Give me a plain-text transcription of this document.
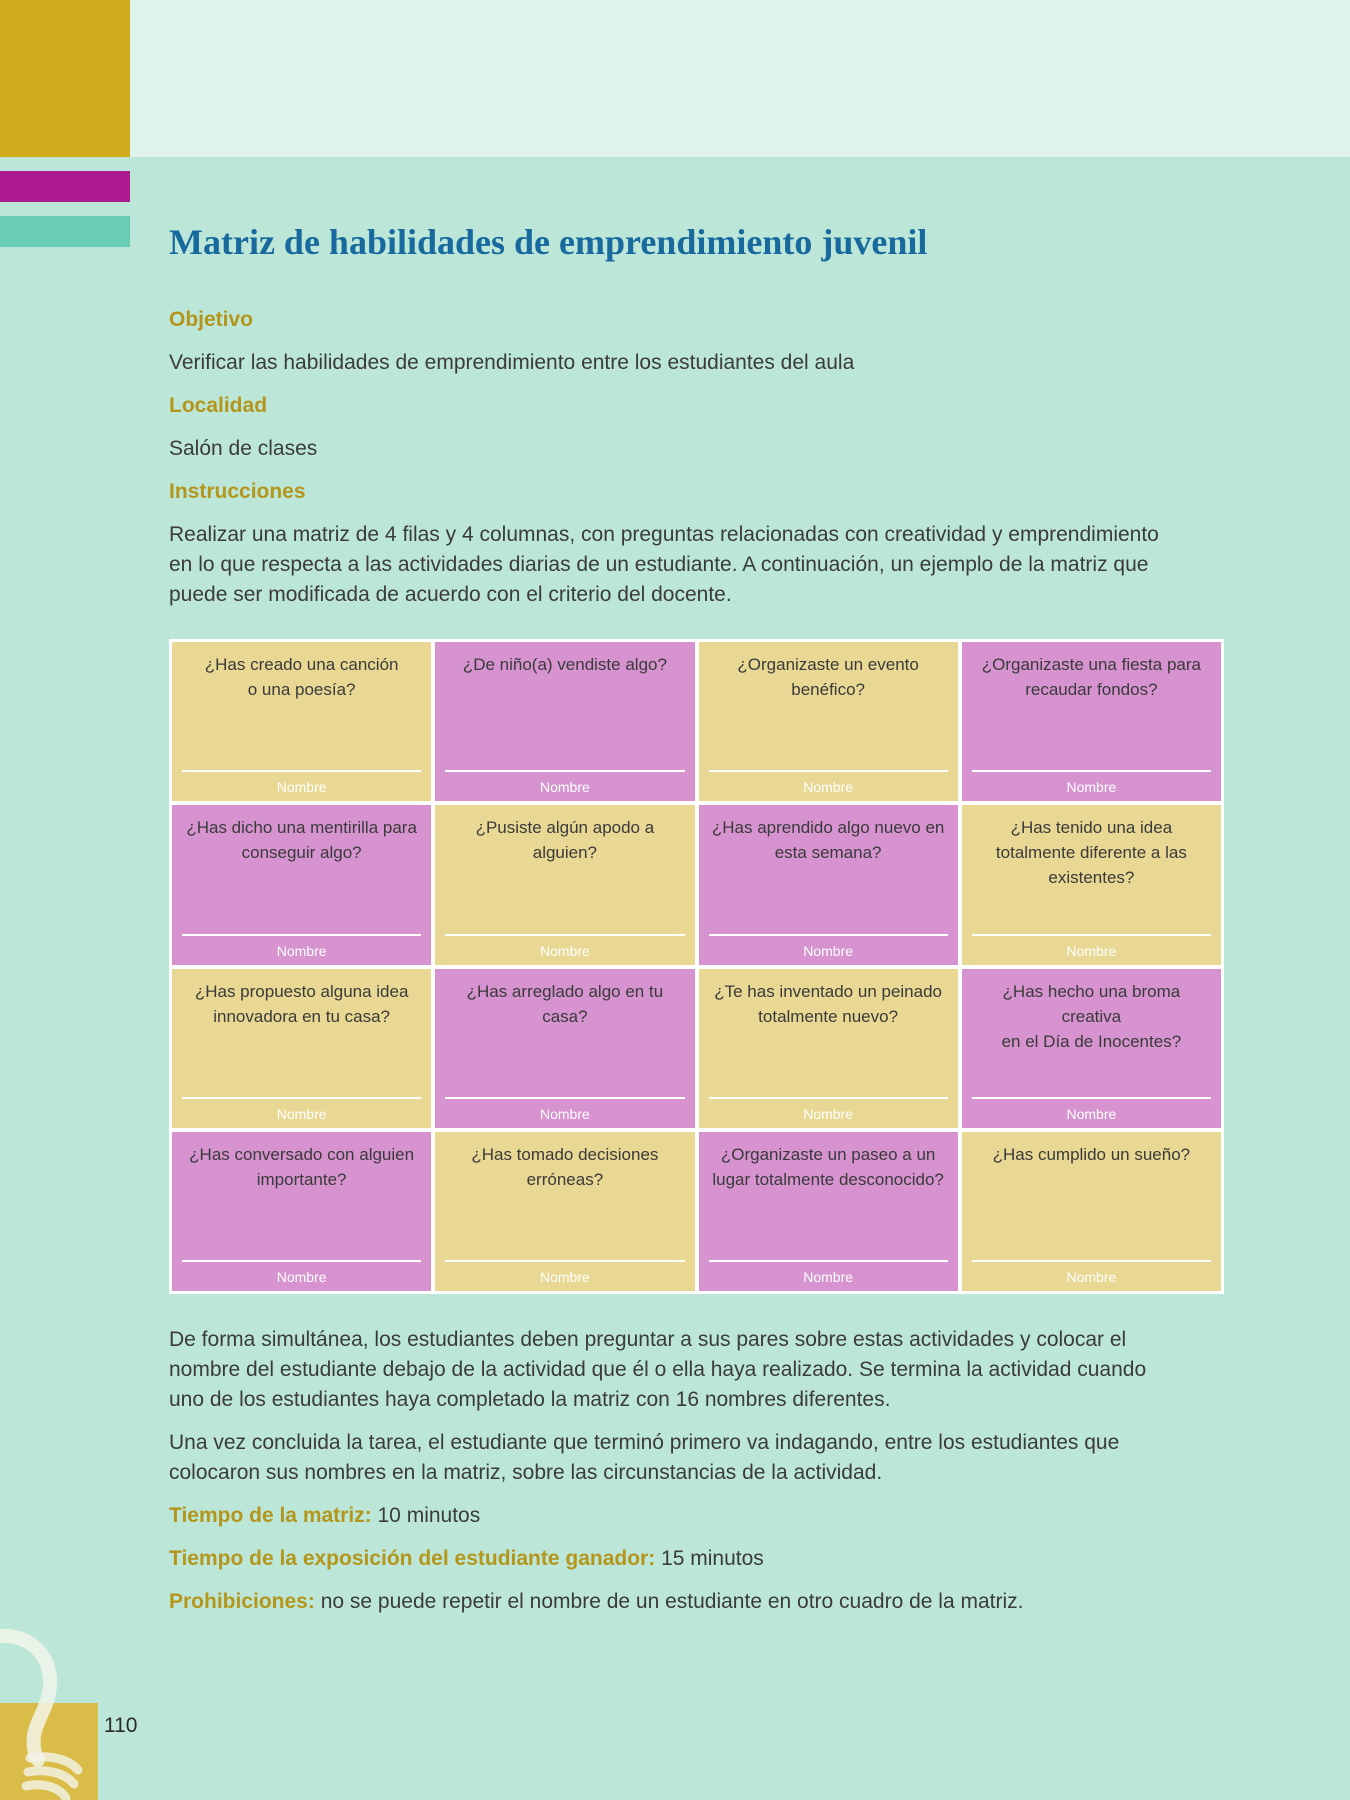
Matriz de habilidades de emprendimiento juvenil

Objetivo

Verificar las habilidades de emprendimiento entre los estudiantes del aula

Localidad

Salón de clases

Instrucciones

Realizar una matriz de 4 filas y 4 columnas, con preguntas relacionadas con creatividad y emprendimiento en lo que respecta a las actividades diarias de un estudiante. A continuación, un ejemplo de la matriz que puede ser modificada de acuerdo con el criterio del docente.

¿Has creado una canción
o una poesía?
Nombre
¿De niño(a) vendiste algo?
Nombre
¿Organizaste un evento
benéfico?
Nombre
¿Organizaste una fiesta para
recaudar fondos?
Nombre
¿Has dicho una mentirilla para
conseguir algo?
Nombre
¿Pusiste algún apodo a alguien?
Nombre
¿Has aprendido algo nuevo en
esta semana?
Nombre
¿Has tenido una idea
totalmente diferente a las
existentes?
Nombre
¿Has propuesto alguna idea
innovadora en tu casa?
Nombre
¿Has arreglado algo en tu casa?
Nombre
¿Te has inventado un peinado
totalmente nuevo?
Nombre
¿Has hecho una broma creativa
en el Día de Inocentes?
Nombre
¿Has conversado con alguien
importante?
Nombre
¿Has tomado decisiones
erróneas?
Nombre
¿Organizaste un paseo a un
lugar totalmente desconocido?
Nombre
¿Has cumplido un sueño?
Nombre

De forma simultánea, los estudiantes deben preguntar a sus pares sobre estas actividades y colocar el nombre del estudiante debajo de la actividad que él o ella haya realizado. Se termina la actividad cuando uno de los estudiantes haya completado la matriz con 16 nombres diferentes.

Una vez concluida la tarea, el estudiante que terminó primero va indagando, entre los estudiantes que colocaron sus nombres en la matriz, sobre las circunstancias de la actividad.

Tiempo de la matriz: 10 minutos

Tiempo de la exposición del estudiante ganador: 15 minutos

Prohibiciones: no se puede repetir el nombre de un estudiante en otro cuadro de la matriz.

110
